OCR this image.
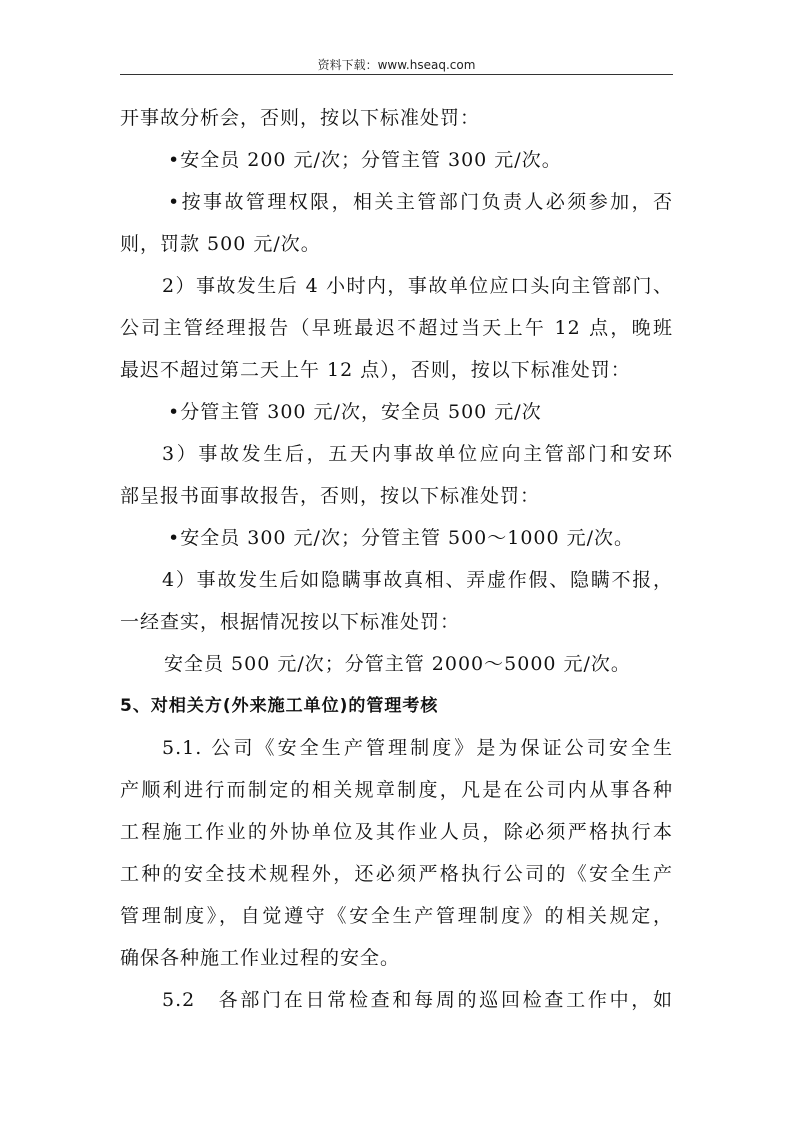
资料下载：www.hseaq.com
开事故分析会，否则，按以下标准处罚：
•安全员 200 元/次；分管主管 300 元/次。
•按事故管理权限，相关主管部门负责人必须参加，否
则，罚款 500 元/次。
2）事故发生后 4 小时内，事故单位应口头向主管部门、
公司主管经理报告（早班最迟不超过当天上午 12 点，晚班
最迟不超过第二天上午 12 点），否则，按以下标准处罚：
•分管主管 300 元/次，安全员 500 元/次
3）事故发生后，五天内事故单位应向主管部门和安环
部呈报书面事故报告，否则，按以下标准处罚：
•安全员 300 元/次；分管主管 500～1000 元/次。
4）事故发生后如隐瞒事故真相、弄虚作假、隐瞒不报，
一经查实，根据情况按以下标准处罚：
安全员 500 元/次；分管主管 2000～5000 元/次。
5、对相关方(外来施工单位)的管理考核
5.1. 公司《安全生产管理制度》是为保证公司安全生
产顺利进行而制定的相关规章制度，凡是在公司内从事各种
工程施工作业的外协单位及其作业人员，除必须严格执行本
工种的安全技术规程外，还必须严格执行公司的《安全生产
管理制度》，自觉遵守《安全生产管理制度》的相关规定，
确保各种施工作业过程的安全。
5.2　各部门在日常检查和每周的巡回检查工作中，如
